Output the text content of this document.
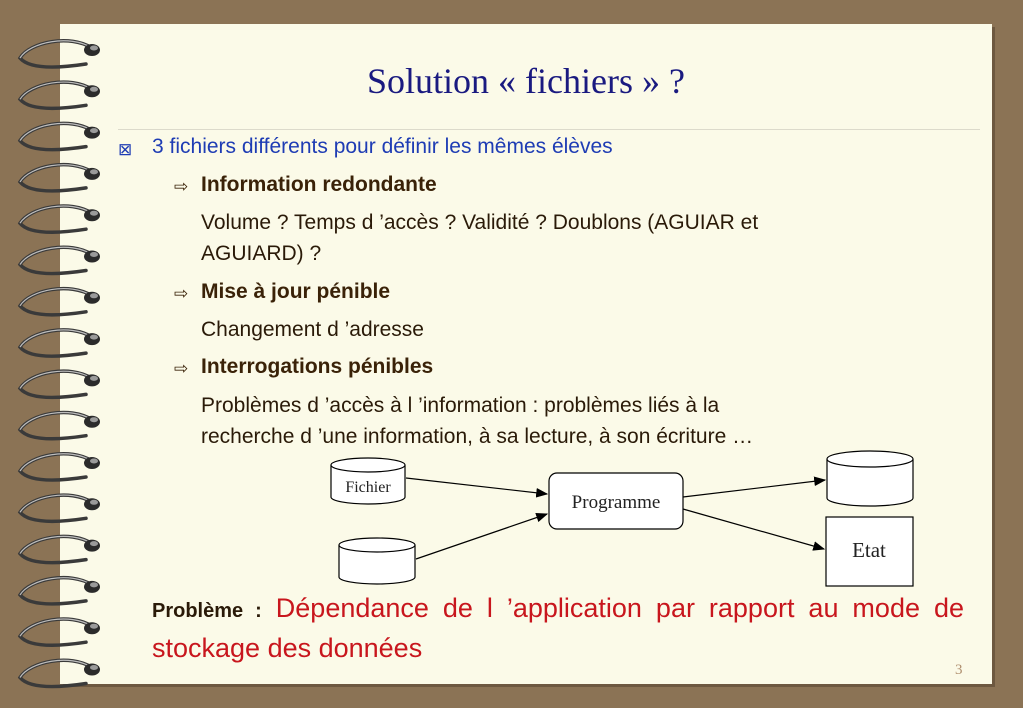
Solution « fichiers » ?
⊠ 3 fichiers différents pour définir les mêmes élèves
⇨ Information redondante
Volume ? Temps d ’accès ? Validité ? Doublons (AGUIAR et
AGUIARD) ?
⇨ Mise à jour pénible
Changement d ’adresse
⇨ Interrogations pénibles
Problèmes d ’accès à l ’information : problèmes liés à la
recherche d ’une information, à sa lecture, à son écriture …
Fichier
Programme
Etat
Problème : Dépendance de l ’application par rapport au mode de stockage des données
3
